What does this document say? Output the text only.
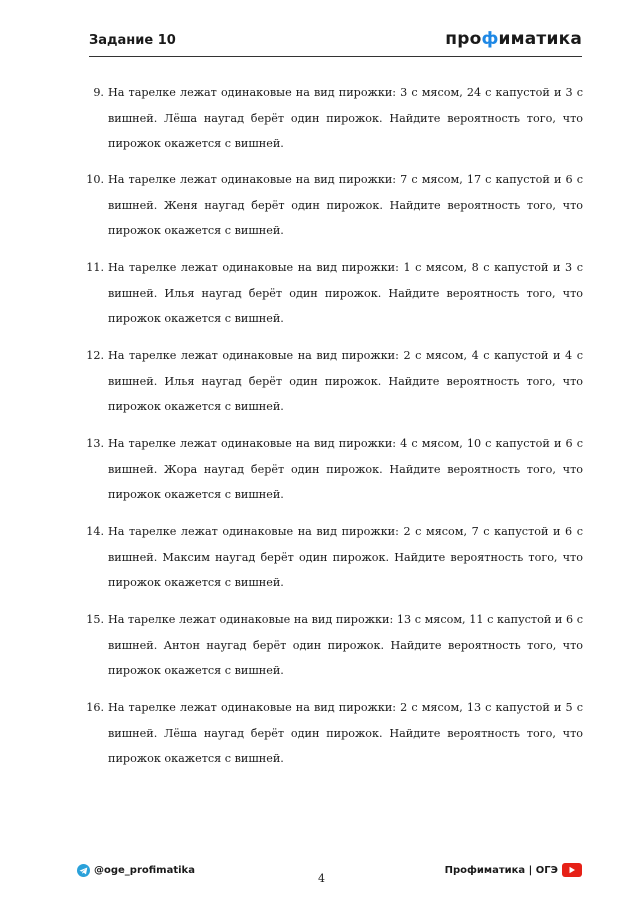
Задание 10	профиматика
9. На тарелке лежат одинаковые на вид пирожки: 3 с мясом, 24 с капустой и 3 с вишней. Лёша наугад берёт один пирожок. Найдите вероятность того, что пирожок окажется с вишней.
10. На тарелке лежат одинаковые на вид пирожки: 7 с мясом, 17 с капустой и 6 с вишней. Женя наугад берёт один пирожок. Найдите вероятность того, что пирожок окажется с вишней.
11. На тарелке лежат одинаковые на вид пирожки: 1 с мясом, 8 с капустой и 3 с вишней. Илья наугад берёт один пирожок. Найдите вероятность того, что пирожок окажется с вишней.
12. На тарелке лежат одинаковые на вид пирожки: 2 с мясом, 4 с капустой и 4 с вишней. Илья наугад берёт один пирожок. Найдите вероятность того, что пирожок окажется с вишней.
13. На тарелке лежат одинаковые на вид пирожки: 4 с мясом, 10 с капустой и 6 с вишней. Жора наугад берёт один пирожок. Найдите вероятность того, что пирожок окажется с вишней.
14. На тарелке лежат одинаковые на вид пирожки: 2 с мясом, 7 с капустой и 6 с вишней. Максим наугад берёт один пирожок. Найдите вероятность того, что пирожок окажется с вишней.
15. На тарелке лежат одинаковые на вид пирожки: 13 с мясом, 11 с капустой и 6 с вишней. Антон наугад берёт один пирожок. Найдите вероятность того, что пирожок окажется с вишней.
16. На тарелке лежат одинаковые на вид пирожки: 2 с мясом, 13 с капустой и 5 с вишней. Лёша наугад берёт один пирожок. Найдите вероятность того, что пирожок окажется с вишней.
@oge_profimatika
4
Профиматика | ОГЭ
